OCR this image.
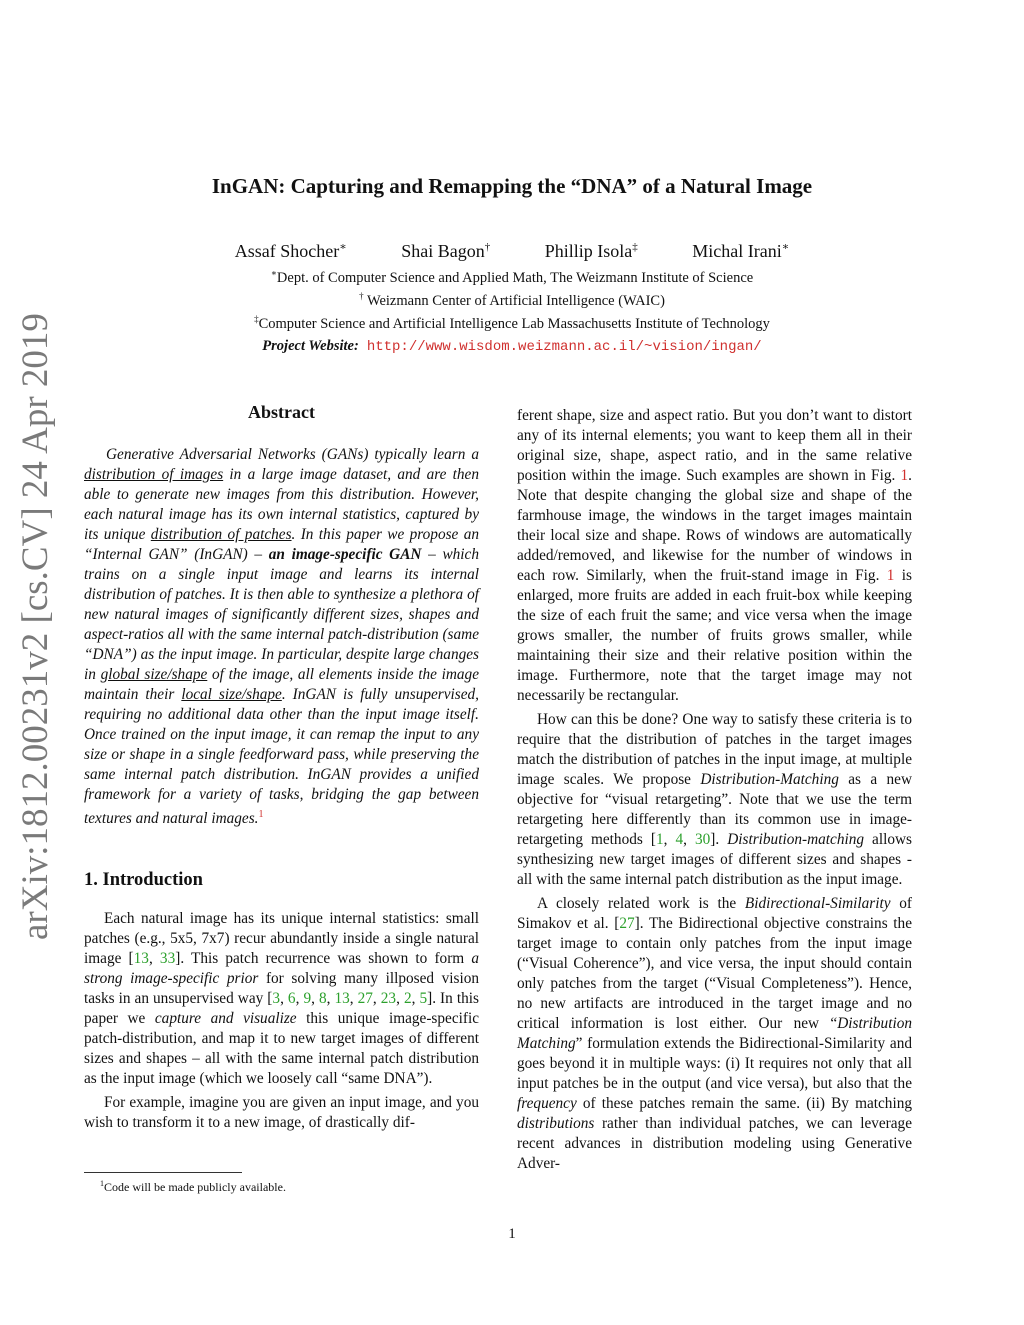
arXiv:1812.00231v2 [cs.CV] 24 Apr 2019
InGAN: Capturing and Remapping the “DNA” of a Natural Image
Assaf Shocher∗	Shai Bagon†	Phillip Isola‡	Michal Irani∗
∗Dept. of Computer Science and Applied Math, The Weizmann Institute of Science
† Weizmann Center of Artificial Intelligence (WAIC)
‡Computer Science and Artificial Intelligence Lab Massachusetts Institute of Technology
Project Website: http://www.wisdom.weizmann.ac.il/~vision/ingan/
Abstract

Generative Adversarial Networks (GANs) typically learn a distribution of images in a large image dataset, and are then able to generate new images from this distribution. However, each natural image has its own internal statistics, captured by its unique distribution of patches. In this paper we propose an “Internal GAN” (InGAN) – an image-specific GAN – which trains on a single input image and learns its internal distribution of patches. It is then able to synthesize a plethora of new natural images of significantly different sizes, shapes and aspect-ratios all with the same internal patch-distribution (same “DNA”) as the input image. In particular, despite large changes in global size/shape of the image, all elements inside the image maintain their local size/shape. InGAN is fully unsupervised, requiring no additional data other than the input image itself. Once trained on the input image, it can remap the input to any size or shape in a single feedforward pass, while preserving the same internal patch distribution. InGAN provides a unified framework for a variety of tasks, bridging the gap between textures and natural images.$^1$

1. Introduction

Each natural image has its unique internal statistics: small patches (e.g., 5x5, 7x7) recur abundantly inside a single natural image [13, 33]. This patch recurrence was shown to form a strong image-specific prior for solving many illposed vision tasks in an unsupervised way [3, 6, 9, 8, 13, 27, 23, 2, 5]. In this paper we capture and visualize this unique image-specific patch-distribution, and map it to new target images of different sizes and shapes – all with the same internal patch distribution as the input image (which we loosely call “same DNA”).

For example, imagine you are given an input image, and you wish to transform it to a new image, of drastically dif-

ferent shape, size and aspect ratio. But you don’t want to distort any of its internal elements; you want to keep them all in their original size, shape, aspect ratio, and in the same relative position within the image. Such examples are shown in Fig. 1. Note that despite changing the global size and shape of the farmhouse image, the windows in the target images maintain their local size and shape. Rows of windows are automatically added/removed, and likewise for the number of windows in each row. Similarly, when the fruit-stand image in Fig. 1 is enlarged, more fruits are added in each fruit-box while keeping the size of each fruit the same; and vice versa when the image grows smaller, the number of fruits grows smaller, while maintaining their size and their relative position within the image. Furthermore, note that the target image may not necessarily be rectangular.

How can this be done? One way to satisfy these criteria is to require that the distribution of patches in the target images match the distribution of patches in the input image, at multiple image scales. We propose Distribution-Matching as a new objective for “visual retargeting”. Note that we use the term retargeting here differently than its common use in image-retargeting methods [1, 4, 30]. Distribution-matching allows synthesizing new target images of different sizes and shapes - all with the same internal patch distribution as the input image.

A closely related work is the Bidirectional-Similarity of Simakov et al. [27]. The Bidirectional objective constrains the target image to contain only patches from the input image (“Visual Coherence”), and vice versa, the input should contain only patches from the target (“Visual Completeness”). Hence, no new artifacts are introduced in the target image and no critical information is lost either. Our new “Distribution Matching” formulation extends the Bidirectional-Similarity and goes beyond it in multiple ways: (i) It requires not only that all input patches be in the output (and vice versa), but also that the frequency of these patches remain the same. (ii) By matching distributions rather than individual patches, we can leverage recent advances in distribution modeling using Generative Adver-

$^1$Code will be made publicly available.
1
